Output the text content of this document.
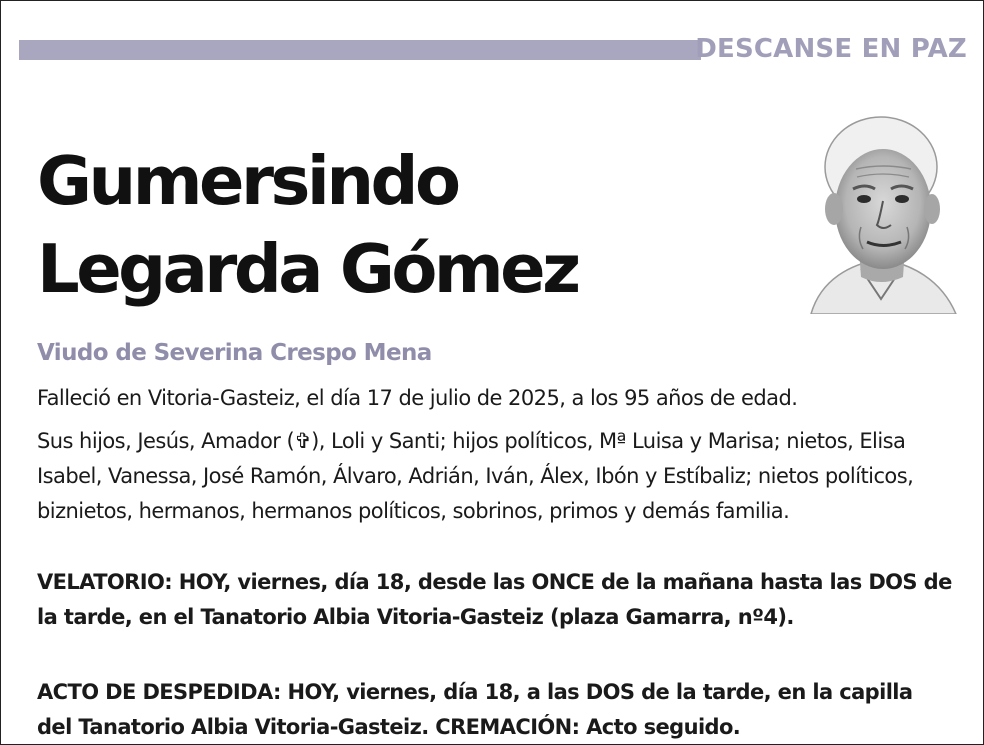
DESCANSE EN PAZ
Gumersindo
Legarda Gómez
Viudo de Severina Crespo Mena
Falleció en Vitoria-Gasteiz, el día 17 de julio de 2025, a los 95 años de edad.
Sus hijos, Jesús, Amador (✞), Loli y Santi; hijos políticos, Mª Luisa y Marisa; nietos, Elisa Isabel, Vanessa, José Ramón, Álvaro, Adrián, Iván, Álex, Ibón y Estíbaliz; nietos políticos, biznietos, hermanos, hermanos políticos, sobrinos, primos y demás familia.
VELATORIO: HOY, viernes, día 18, desde las ONCE de la mañana hasta las DOS de la tarde, en el Tanatorio Albia Vitoria-Gasteiz (plaza Gamarra, nº4).
ACTO DE DESPEDIDA: HOY, viernes, día 18, a las DOS de la tarde, en la capilla del Tanatorio Albia Vitoria-Gasteiz. CREMACIÓN: Acto seguido.
